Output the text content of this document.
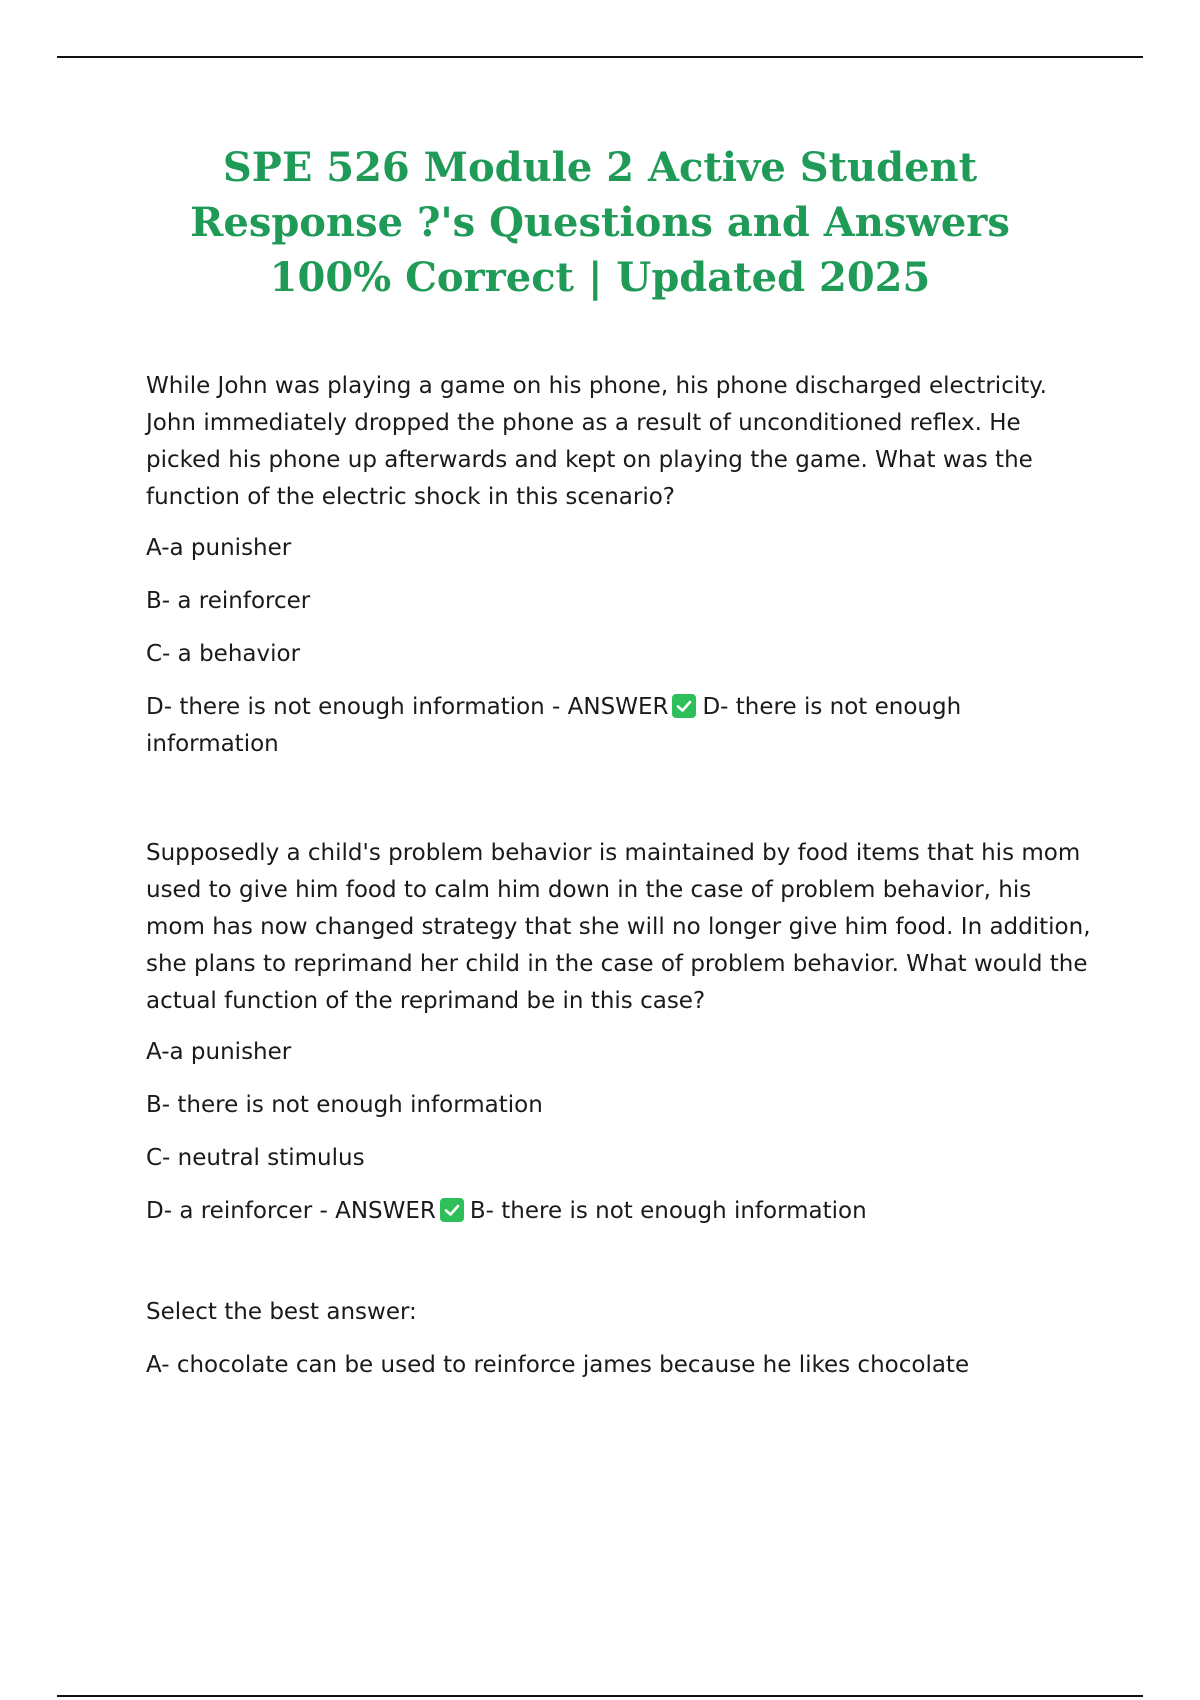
SPE 526 Module 2 Active Student Response ?'s Questions and Answers 100% Correct | Updated 2025

While John was playing a game on his phone, his phone discharged electricity. John immediately dropped the phone as a result of unconditioned reflex. He picked his phone up afterwards and kept on playing the game. What was the function of the electric shock in this scenario?

A-a punisher

B- a reinforcer

C- a behavior

D- there is not enough information - ANSWER D- there is not enough information

Supposedly a child's problem behavior is maintained by food items that his mom used to give him food to calm him down in the case of problem behavior, his mom has now changed strategy that she will no longer give him food. In addition, she plans to reprimand her child in the case of problem behavior. What would the actual function of the reprimand be in this case?

A-a punisher

B- there is not enough information

C- neutral stimulus

D- a reinforcer - ANSWER B- there is not enough information

Select the best answer:

A- chocolate can be used to reinforce james because he likes chocolate
